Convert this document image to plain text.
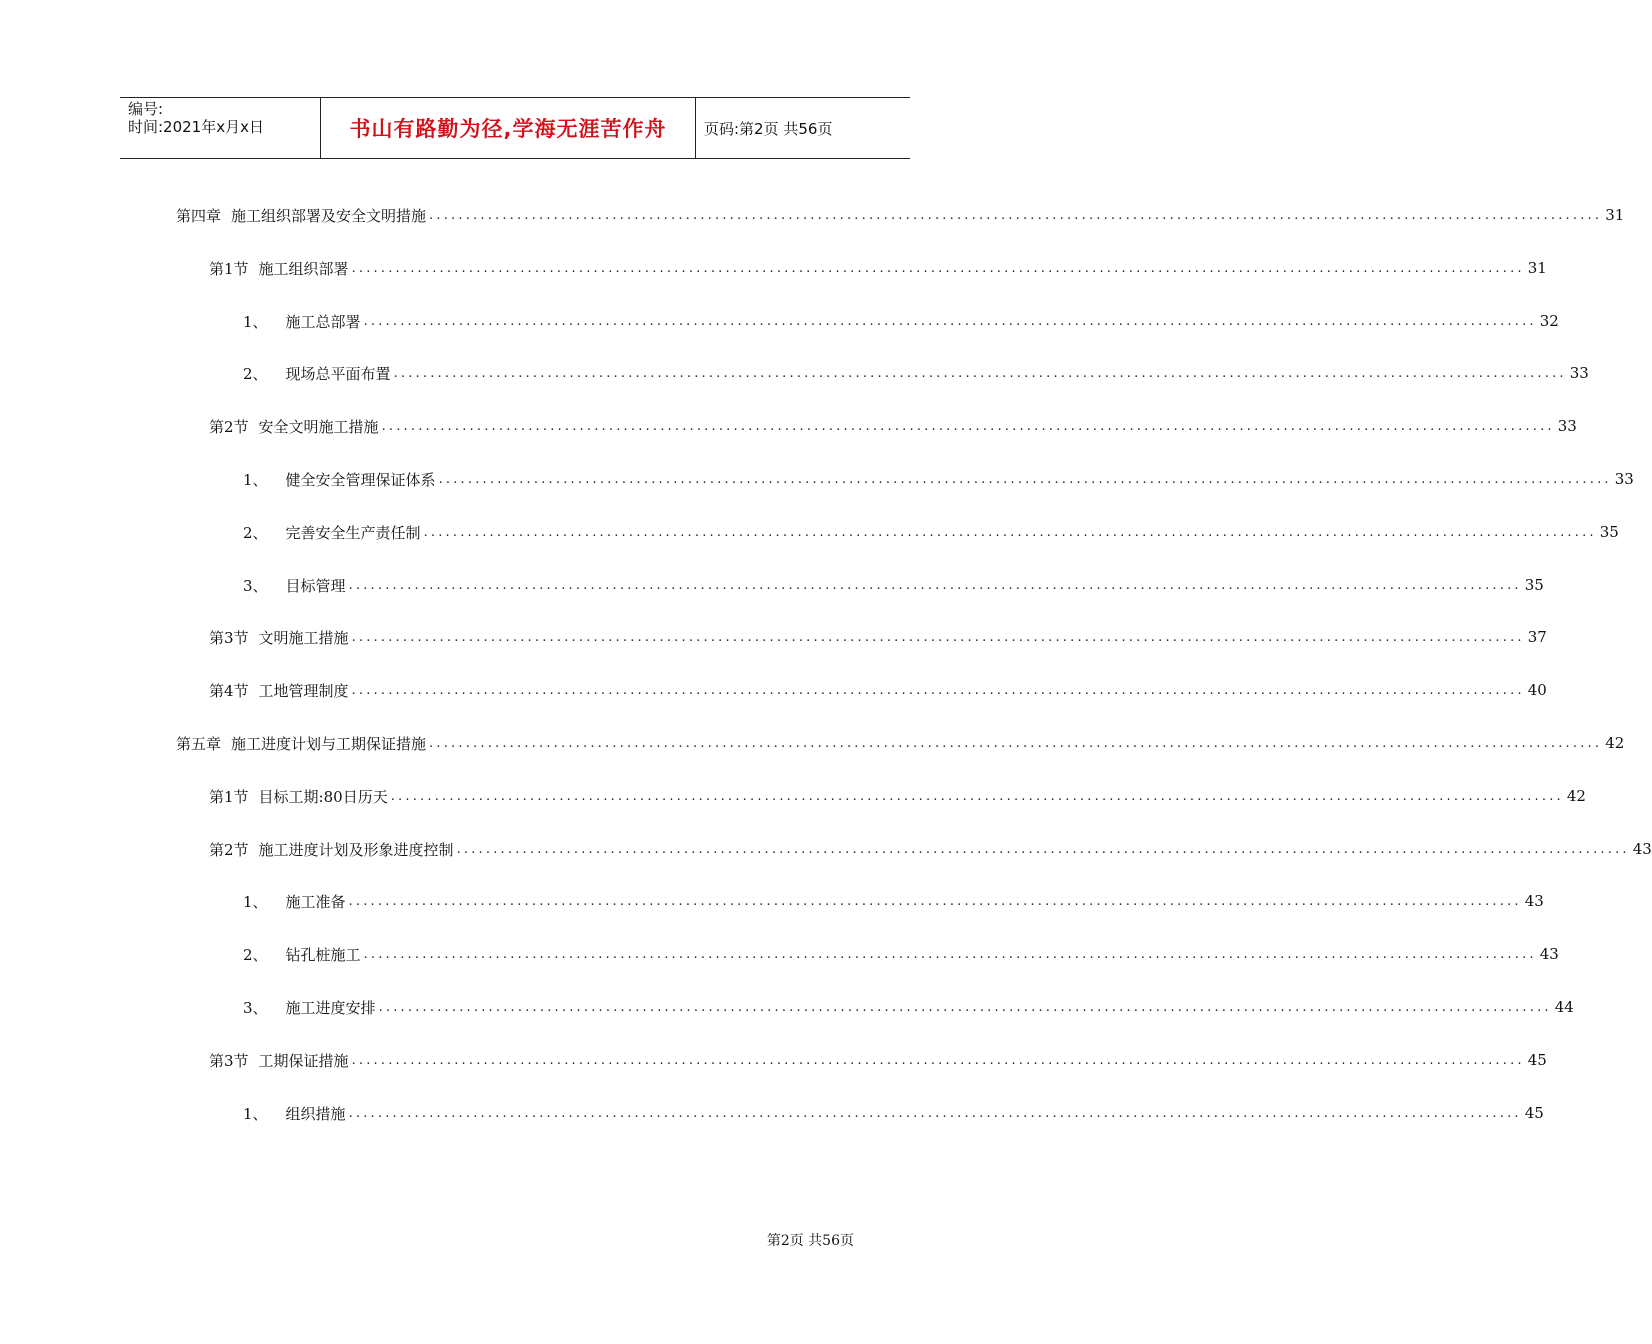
编号:
时间:2021年x月x日	书山有路勤为径,学海无涯苦作舟	页码:第2页 共56页
第四章 施工组织部署及安全文明措施 ................................................................................................................................................................ 31
第1节 施工组织部署 ................................................................................................................................................................ 31
1、 施工总部署 ................................................................................................................................................................ 32
2、 现场总平面布置 ................................................................................................................................................................ 33
第2节 安全文明施工措施 ................................................................................................................................................................ 33
1、 健全安全管理保证体系 ................................................................................................................................................................ 33
2、 完善安全生产责任制 ................................................................................................................................................................ 35
3、 目标管理 ................................................................................................................................................................ 35
第3节 文明施工措施 ................................................................................................................................................................ 37
第4节 工地管理制度 ................................................................................................................................................................ 40
第五章 施工进度计划与工期保证措施 ................................................................................................................................................................ 42
第1节 目标工期:80日历天 ................................................................................................................................................................ 42
第2节 施工进度计划及形象进度控制 ................................................................................................................................................................ 43
1、 施工准备 ................................................................................................................................................................ 43
2、 钻孔桩施工 ................................................................................................................................................................ 43
3、 施工进度安排 ................................................................................................................................................................ 44
第3节 工期保证措施 ................................................................................................................................................................ 45
1、 组织措施 ................................................................................................................................................................ 45
第2页 共56页
